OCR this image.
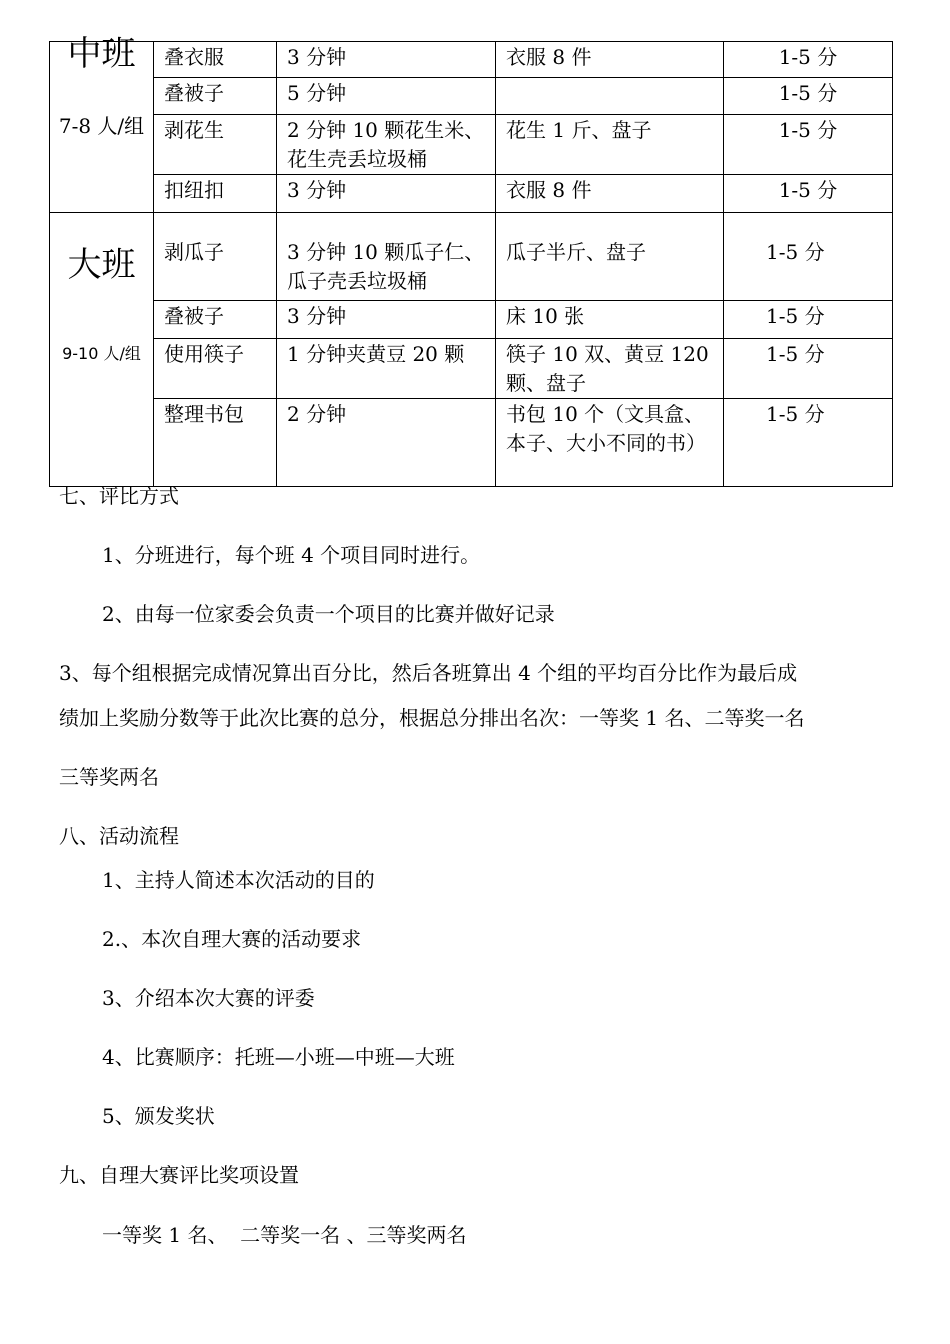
中班
7-8 人/组	叠衣服	3 分钟	衣服 8 件	1-5 分
	叠被子	5 分钟		1-5 分
	剥花生	2 分钟 10 颗花生米、花生壳丢垃圾桶	花生 1 斤、盘子	1-5 分
	扣纽扣	3 分钟	衣服 8 件	1-5 分

大班
9-10 人/组	剥瓜子	3 分钟 10 颗瓜子仁、瓜子壳丢垃圾桶	瓜子半斤、盘子	1-5 分
	叠被子	3 分钟	床 10 张	1-5 分
	使用筷子	1 分钟夹黄豆 20 颗	筷子 10 双、黄豆 120 颗、盘子	1-5 分
	整理书包	2 分钟	书包 10 个（文具盒、本子、大小不同的书）	1-5 分

七、评比方式

1、分班进行，每个班 4 个项目同时进行。

2、由每一位家委会负责一个项目的比赛并做好记录

3、每个组根据完成情况算出百分比，然后各班算出 4 个组的平均百分比作为最后成

绩加上奖励分数等于此次比赛的总分，根据总分排出名次：一等奖 1 名、二等奖一名

三等奖两名

八、活动流程

1、主持人简述本次活动的目的

2.、本次自理大赛的活动要求

3、介绍本次大赛的评委

4、比赛顺序：托班—小班—中班—大班

5、颁发奖状

九、自理大赛评比奖项设置

一等奖 1 名、  二等奖一名 、三等奖两名
